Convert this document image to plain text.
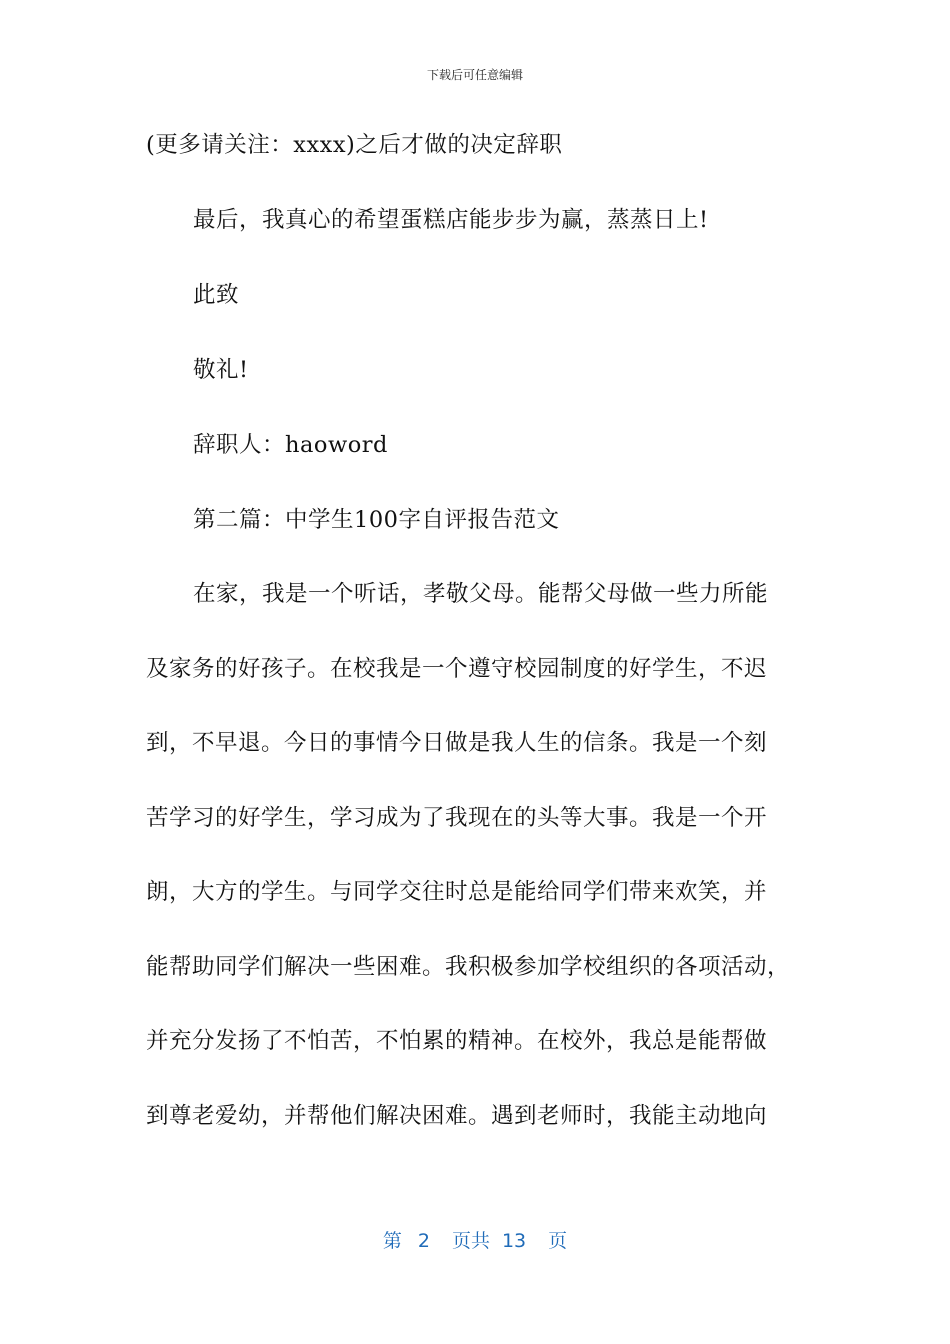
下载后可任意编辑
(更多请关注：xxxx)之后才做的决定辞职
最后，我真心的希望蛋糕店能步步为赢，蒸蒸日上!
此致
敬礼!
辞职人：haoword
第二篇：中学生100字自评报告范文
在家，我是一个听话，孝敬父母。能帮父母做一些力所能
及家务的好孩子。在校我是一个遵守校园制度的好学生，不迟
到，不早退。今日的事情今日做是我人生的信条。我是一个刻
苦学习的好学生，学习成为了我现在的头等大事。我是一个开
朗，大方的学生。与同学交往时总是能给同学们带来欢笑，并
能帮助同学们解决一些困难。我积极参加学校组织的各项活动，
并充分发扬了不怕苦，不怕累的精神。在校外，我总是能帮做
到尊老爱幼，并帮他们解决困难。遇到老师时，我能主动地向
第 2 页共 13 页
